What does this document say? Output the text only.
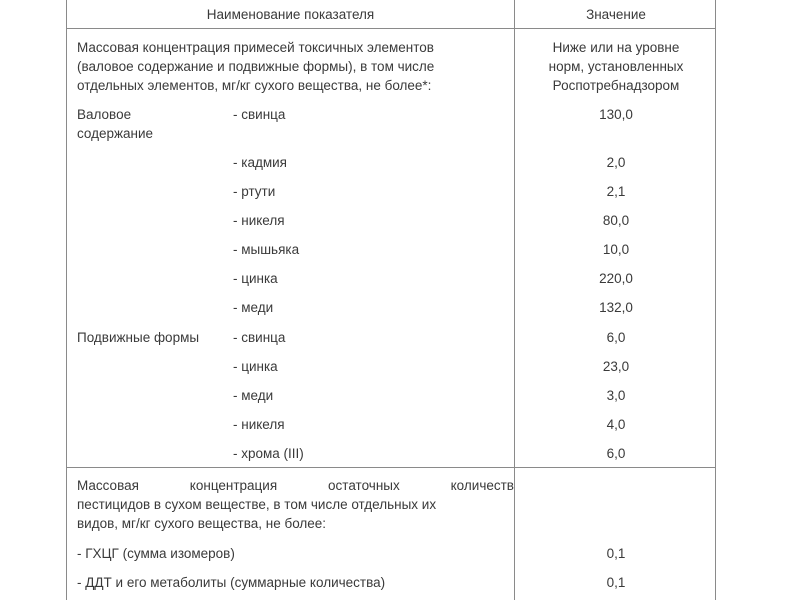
Наименование показателя	Значение
Массовая концентрация примесей токсичных элементов
(валовое содержание и подвижные формы), в том числе
отдельных элементов, мг/кг сухого вещества, не более*:
Ниже или на уровне
норм, установленных
Роспотребнадзором
Валовое
содержание
- свинца	130,0
- кадмия	2,0
- ртути	2,1
- никеля	80,0
- мышьяка	10,0
- цинка	220,0
- меди	132,0
Подвижные формы	- свинца	6,0
- цинка	23,0
- меди	3,0
- никеля	4,0
- хрома (III)	6,0
Массовая	концентрация	остаточных	количеств
пестицидов в сухом веществе, в том числе отдельных их
видов, мг/кг сухого вещества, не более:
- ГХЦГ (сумма изомеров)	0,1
- ДДТ и его метаболиты (суммарные количества)	0,1
